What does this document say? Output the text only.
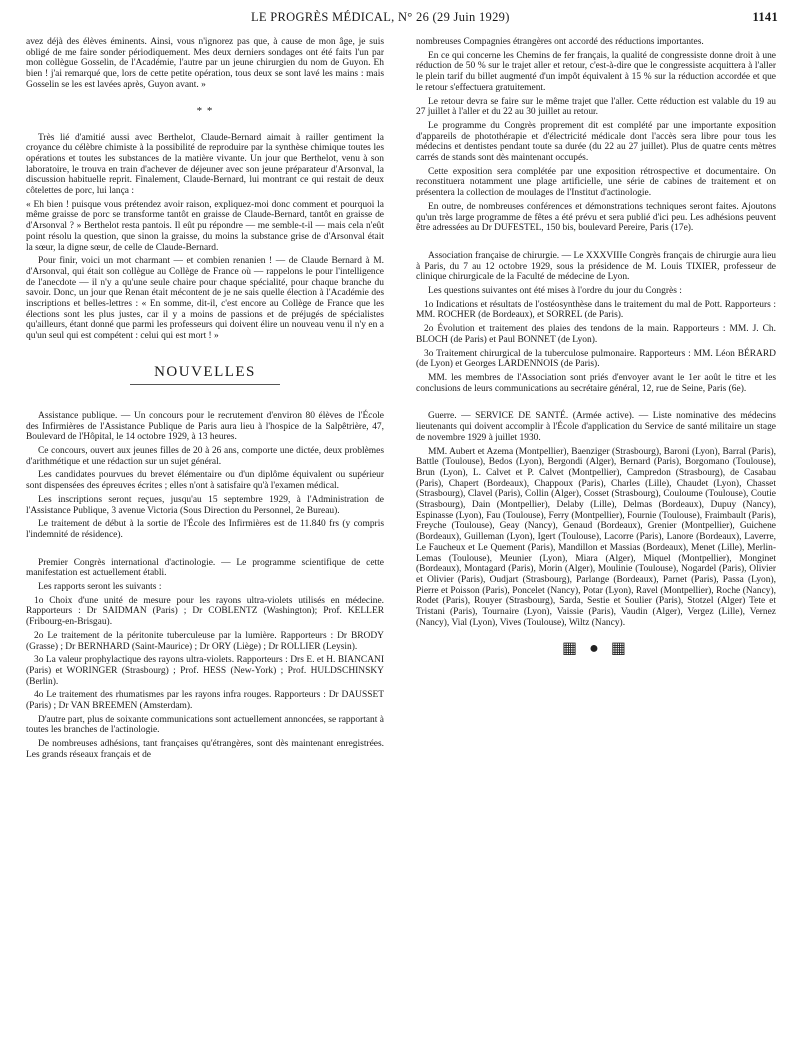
LE PROGRÈS MÉDICAL, N° 26 (29 Juin 1929)	1141

avez déjà des élèves éminents. Ainsi, vous n'ignorez pas que, à cause de mon âge, je suis obligé de me faire sonder périodiquement. Mes deux derniers sondages ont été faits l'un par mon collègue Gosselin, de l'Académie, l'autre par un jeune chirurgien du nom de Guyon. Eh bien ! j'ai remarqué que, lors de cette petite opération, tous deux se sont lavé les mains : mais Gosselin se les est lavées après, Guyon avant. »

* *

Très lié d'amitié aussi avec Berthelot, Claude-Bernard aimait à railler gentiment la croyance du célèbre chimiste à la possibilité de reproduire par la synthèse chimique toutes les opérations et toutes les substances de la matière vivante. Un jour que Berthelot, venu à son laboratoire, le trouva en train d'achever de déjeuner avec son jeune préparateur d'Arsonval, la discussion habituelle reprit. Finalement, Claude-Bernard, lui montrant ce qui restait de deux côtelettes de porc, lui lança :

« Eh bien ! puisque vous prétendez avoir raison, expliquez-moi donc comment et pourquoi la même graisse de porc se transforme tantôt en graisse de Claude-Bernard, tantôt en graisse de d'Arsonval ? » Berthelot resta pantois. Il eût pu répondre — me semble-t-il — mais cela n'eût point résolu la question, que sinon la graisse, du moins la substance grise de d'Arsonval était la sœur, la digne sœur, de celle de Claude-Bernard.

Pour finir, voici un mot charmant — et combien renanien ! — de Claude Bernard à M. d'Arsonval, qui était son collègue au Collège de France où — rappelons le pour l'intelligence de l'anecdote — il n'y a qu'une seule chaire pour chaque spécialité, pour chaque branche du savoir. Donc, un jour que Renan était mécontent de je ne sais quelle élection à l'Académie des inscriptions et belles-lettres : « En somme, dit-il, c'est encore au Collège de France que les élections sont les plus justes, car il y a moins de passions et de préjugés de spécialistes qu'ailleurs, étant donné que parmi les professeurs qui doivent élire un nouveau venu il n'y en a qu'un seul qui est compétent : celui qui est mort ! »

NOUVELLES

Assistance publique. — Un concours pour le recrutement d'environ 80 élèves de l'École des Infirmières de l'Assistance Publique de Paris aura lieu à l'hospice de la Salpêtrière, 47, Boulevard de l'Hôpital, le 14 octobre 1929, à 13 heures.

Ce concours, ouvert aux jeunes filles de 20 à 26 ans, comporte une dictée, deux problèmes d'arithmétique et une rédaction sur un sujet général.

Les candidates pourvues du brevet élémentaire ou d'un diplôme équivalent ou supérieur sont dispensées des épreuves écrites ; elles n'ont à satisfaire qu'à l'examen médical.

Les inscriptions seront reçues, jusqu'au 15 septembre 1929, à l'Administration de l'Assistance Publique, 3 avenue Victoria (Sous Direction du Personnel, 2e Bureau).

Le traitement de début à la sortie de l'École des Infirmières est de 11.840 frs (y compris l'indemnité de résidence).

Premier Congrès international d'actinologie. — Le programme scientifique de cette manifestation est actuellement établi.

Les rapports seront les suivants :

1o Choix d'une unité de mesure pour les rayons ultra-violets utilisés en médecine. Rapporteurs : Dr SAIDMAN (Paris) ; Dr COBLENTZ (Washington); Prof. KELLER (Fribourg-en-Brisgau).

2o Le traitement de la péritonite tuberculeuse par la lumière. Rapporteurs : Dr BRODY (Grasse) ; Dr BERNHARD (Saint-Maurice) ; Dr ORY (Liège) ; Dr ROLLIER (Leysin).

3o La valeur prophylactique des rayons ultra-violets. Rapporteurs : Drs E. et H. BIANCANI (Paris) et WORINGER (Strasbourg) ; Prof. HESS (New-York) ; Prof. HULDSCHINSKY (Berlin).

4o Le traitement des rhumatismes par les rayons infra rouges. Rapporteurs : Dr DAUSSET (Paris) ; Dr VAN BREEMEN (Amsterdam).

D'autre part, plus de soixante communications sont actuellement annoncées, se rapportant à toutes les branches de l'actinologie.

De nombreuses adhésions, tant françaises qu'étrangères, sont dès maintenant enregistrées. Les grands réseaux français et de

nombreuses Compagnies étrangères ont accordé des réductions importantes.

En ce qui concerne les Chemins de fer français, la qualité de congressiste donne droit à une réduction de 50 % sur le trajet aller et retour, c'est-à-dire que le congressiste acquittera à l'aller le plein tarif du billet augmenté d'un impôt équivalent à 15 % sur la réduction accordée et que le retour s'effectuera gratuitement.

Le retour devra se faire sur le même trajet que l'aller. Cette réduction est valable du 19 au 27 juillet à l'aller et du 22 au 30 juillet au retour.

Le programme du Congrès proprement dit est complété par une importante exposition d'appareils de photothérapie et d'électricité médicale dont l'accès sera libre pour tous les médecins et dentistes pendant toute sa durée (du 22 au 27 juillet). Plus de quatre cents mètres carrés de stands sont dès maintenant occupés.

Cette exposition sera complétée par une exposition rétrospective et documentaire. On reconstituera notamment une plage artificielle, une série de cabines de traitement et on présentera la collection de moulages de l'Institut d'actinologie.

En outre, de nombreuses conférences et démonstrations techniques seront faites. Ajoutons qu'un très large programme de fêtes a été prévu et sera publié d'ici peu. Les adhésions peuvent être adressées au Dr DUFESTEL, 150 bis, boulevard Pereire, Paris (17e).

Association française de chirurgie. — Le XXXVIIIe Congrès français de chirurgie aura lieu à Paris, du 7 au 12 octobre 1929, sous la présidence de M. Louis TIXIER, professeur de clinique chirurgicale de la Faculté de médecine de Lyon.

Les questions suivantes ont été mises à l'ordre du jour du Congrès :

1o Indications et résultats de l'ostéosynthèse dans le traitement du mal de Pott. Rapporteurs : MM. ROCHER (de Bordeaux), et SORREL (de Paris).

2o Évolution et traitement des plaies des tendons de la main. Rapporteurs : MM. J. Ch. BLOCH (de Paris) et Paul BONNET (de Lyon).

3o Traitement chirurgical de la tuberculose pulmonaire. Rapporteurs : MM. Léon BÉRARD (de Lyon) et Georges LARDENNOIS (de Paris).

MM. les membres de l'Association sont priés d'envoyer avant le 1er août le titre et les conclusions de leurs communications au secrétaire général, 12, rue de Seine, Paris (6e).

Guerre. — SERVICE DE SANTÉ. (Armée active). — Liste nominative des médecins lieutenants qui doivent accomplir à l'École d'application du Service de santé militaire un stage de novembre 1929 à juillet 1930.

MM. Aubert et Azema (Montpellier), Baenziger (Strasbourg), Baroni (Lyon), Barral (Paris), Battle (Toulouse), Bedos (Lyon), Bergondi (Alger), Bernard (Paris), Borgomano (Toulouse), Brun (Lyon), L. Calvet et P. Calvet (Montpellier), Campredon (Strasbourg), de Casabau (Paris), Chapert (Bordeaux), Chappoux (Paris), Charles (Lille), Chaudet (Lyon), Chasset (Strasbourg), Clavel (Paris), Collin (Alger), Cosset (Strasbourg), Couloume (Toulouse), Coutie (Strasbourg), Dain (Montpellier), Delaby (Lille), Delmas (Bordeaux), Dupuy (Nancy), Espinasse (Lyon), Fau (Toulouse), Ferry (Montpellier), Fournie (Toulouse), Fraimbault (Paris), Freyche (Toulouse), Geay (Nancy), Genaud (Bordeaux), Grenier (Montpellier), Guichene (Bordeaux), Guilleman (Lyon), Igert (Toulouse), Lacorre (Paris), Lanore (Bordeaux), Laverre, Le Faucheux et Le Quement (Paris), Mandillon et Massias (Bordeaux), Menet (Lille), Merlin-Lemas (Toulouse), Meunier (Lyon), Miara (Alger), Miquel (Montpellier), Monginet (Bordeaux), Montagard (Paris), Morin (Alger), Moulinie (Toulouse), Nogardel (Paris), Olivier et Olivier (Paris), Oudjart (Strasbourg), Parlange (Bordeaux), Parnet (Paris), Passa (Lyon), Pierre et Poisson (Paris), Poncelet (Nancy), Potar (Lyon), Ravel (Montpellier), Roche (Nancy), Rodet (Paris), Rouyer (Strasbourg), Sarda, Sestie et Soulier (Paris), Stotzel (Alger) Tete et Tristani (Paris), Tournaire (Lyon), Vaissie (Paris), Vaudin (Alger), Vergez (Lille), Vernez (Nancy), Vial (Lyon), Vives (Toulouse), Wiltz (Nancy).

▦ ● ▦
